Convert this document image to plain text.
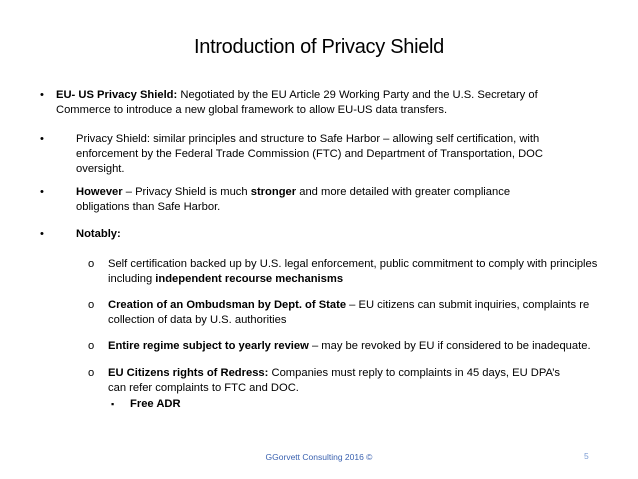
Introduction of Privacy Shield
• EU- US Privacy Shield: Negotiated by the EU Article 29 Working Party and the U.S. Secretary of Commerce to introduce a new global framework to allow EU-US data transfers.
•	Privacy Shield: similar principles and structure to Safe Harbor – allowing self certification, with enforcement by the Federal Trade Commission (FTC) and Department of Transportation, DOC oversight.
•	However – Privacy Shield is much stronger and more detailed with greater compliance obligations than Safe Harbor.
•	Notably:
o Self certification backed up by U.S. legal enforcement, public commitment to comply with principles including independent recourse mechanisms
o Creation of an Ombudsman by Dept. of State – EU citizens can submit inquiries, complaints re collection of data by U.S. authorities
o Entire regime subject to yearly review – may be revoked by EU if considered to be inadequate.
o EU Citizens rights of Redress: Companies must reply to complaints in 45 days, EU DPA’s can refer complaints to FTC and DOC.
▪ Free ADR
GGorvett Consulting 2016 ©	5
